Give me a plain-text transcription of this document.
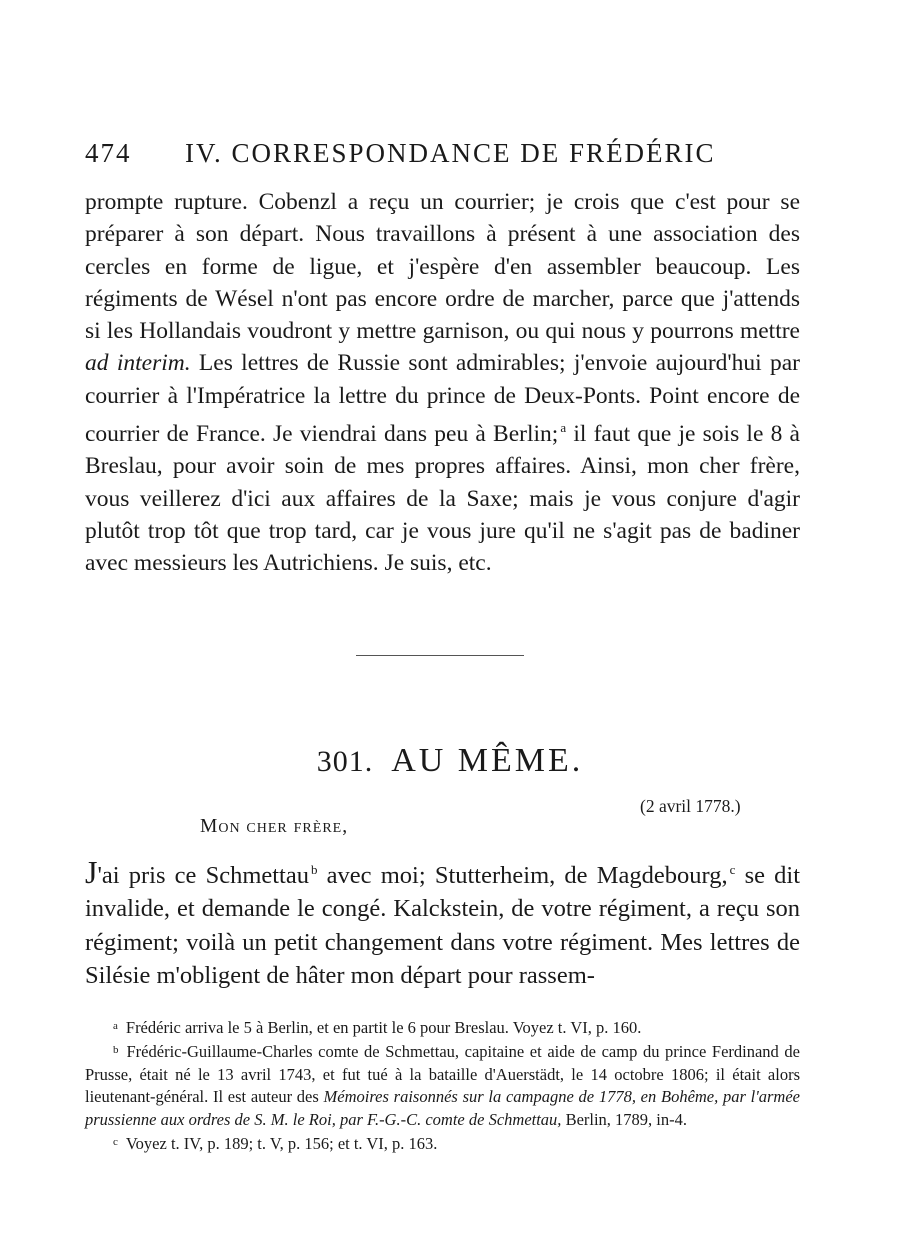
474 IV. CORRESPONDANCE DE FRÉDÉRIC

prompte rupture. Cobenzl a reçu un courrier; je crois que c'est pour se préparer à son départ. Nous travaillons à présent à une association des cercles en forme de ligue, et j'espère d'en assembler beaucoup. Les régiments de Wésel n'ont pas encore ordre de marcher, parce que j'attends si les Hollandais voudront y mettre garnison, ou qui nous y pourrons mettre ad interim. Les lettres de Russie sont admirables; j'envoie aujourd'hui par courrier à l'Impératrice la lettre du prince de Deux-Ponts. Point encore de courrier de France. Je viendrai dans peu à Berlin; $^a$ il faut que je sois le 8 à Breslau, pour avoir soin de mes propres affaires. Ainsi, mon cher frère, vous veillerez d'ici aux affaires de la Saxe; mais je vous conjure d'agir plutôt trop tôt que trop tard, car je vous jure qu'il ne s'agit pas de badiner avec messieurs les Autrichiens. Je suis, etc.

301. AU MÊME.
(2 avril 1778.)
Mon cher frère,

J'ai pris ce Schmettau $^b$ avec moi; Stutterheim, de Magdebourg, $^c$ se dit invalide, et demande le congé. Kalckstein, de votre régiment, a reçu son régiment; voilà un petit changement dans votre régiment. Mes lettres de Silésie m'obligent de hâter mon départ pour rassem-

$^a$ Frédéric arriva le 5 à Berlin, et en partit le 6 pour Breslau. Voyez t. VI, p. 160.

$^b$ Frédéric-Guillaume-Charles comte de Schmettau, capitaine et aide de camp du prince Ferdinand de Prusse, était né le 13 avril 1743, et fut tué à la bataille d'Auerstädt, le 14 octobre 1806; il était alors lieutenant-général. Il est auteur des Mémoires raisonnés sur la campagne de 1778, en Bohême, par l'armée prussienne aux ordres de S. M. le Roi, par F.-G.-C. comte de Schmettau, Berlin, 1789, in-4.

$^c$ Voyez t. IV, p. 189; t. V, p. 156; et t. VI, p. 163.
